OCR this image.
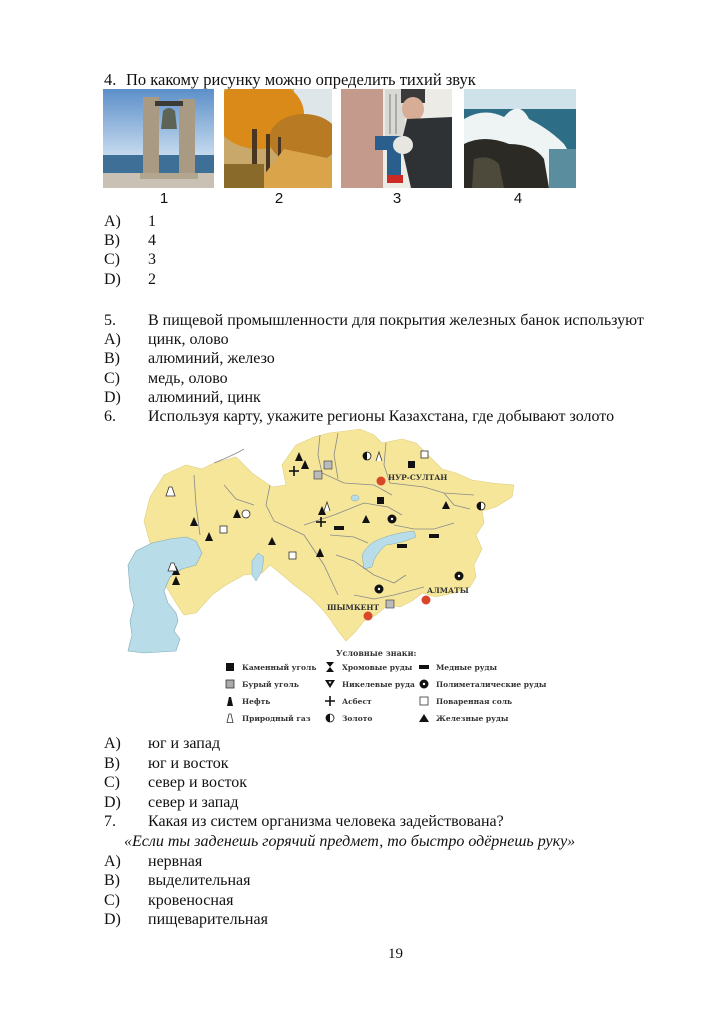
4. По какому рисунку можно определить тихий звук
1	2	3	4
A) 1
B) 4
C) 3
D) 2
5. В пищевой промышленности для покрытия железных банок используют
A) цинк, олово
B) алюминий, железо
C) медь, олово
D) алюминий, цинк
6. Используя карту, укажите регионы Казахстана, где добывают золото
НУР-СУЛТАН
АЛМАТЫ
ШЫМКЕНТ
Условные знаки:
Каменный уголь
Бурый уголь
Нефть
Природный газ
Хромовые руды
Никелевые руда
Асбест
Золото
Медные руды
Полиметалические руды
Поваренная соль
Железные руды
A) юг и запад
B) юг и восток
C) север и восток
D) север и запад
7. Какая из систем организма человека задействована?
«Если ты заденешь горячий предмет, то быстро одёрнешь руку»
A) нервная
B) выделительная
C) кровеносная
D) пищеварительная
19
